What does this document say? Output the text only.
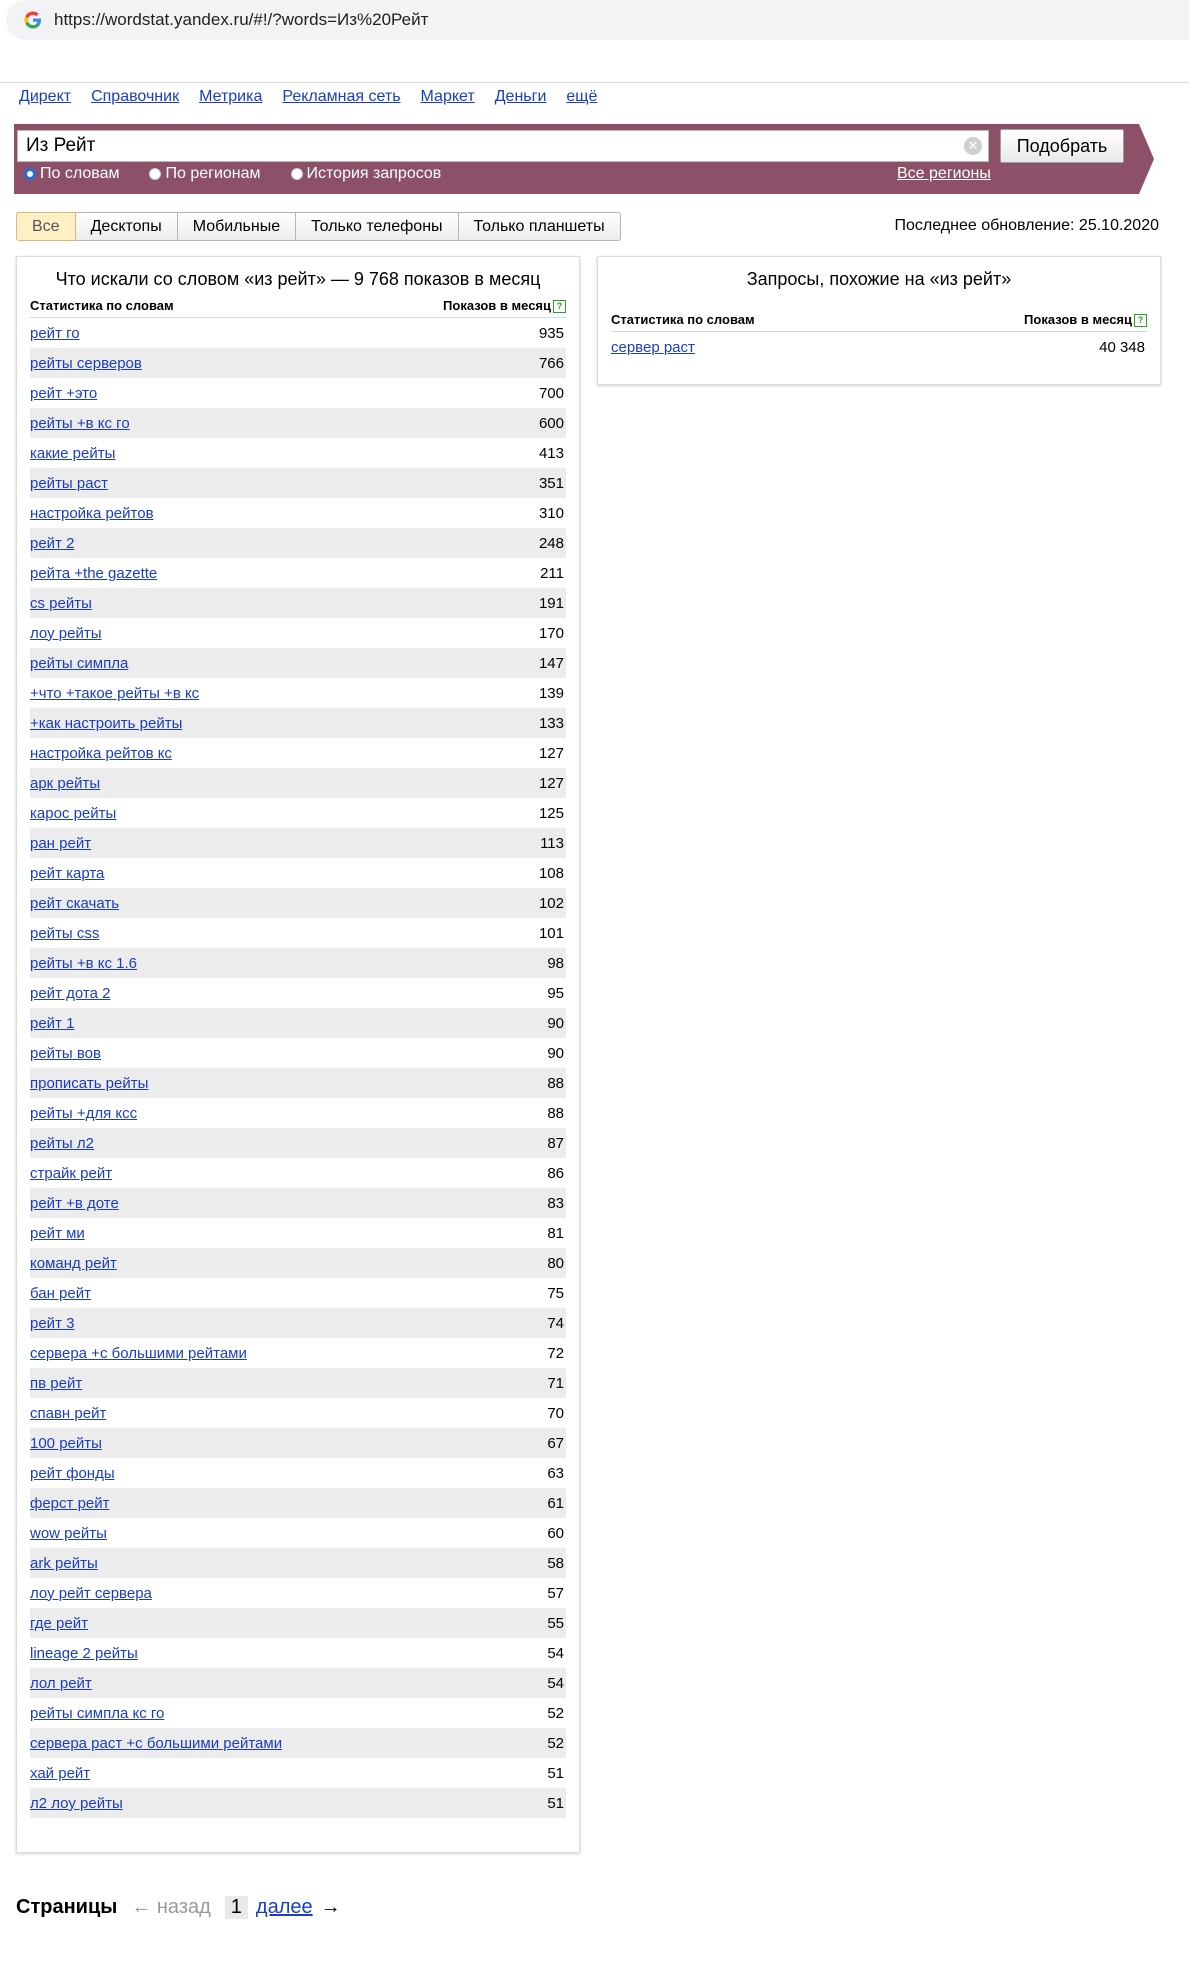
https://wordstat.yandex.ru/#!/?words=Из%20Рейт
Директ Справочник Метрика Рекламная сеть Маркет Деньги ещё
Из Рейт
✕	Подобрать
По словам	По регионам	История запросов	Все регионы
Все	Десктопы	Мобильные	Только телефоны	Только планшеты	Последнее обновление: 25.10.2020
Что искали со словом «из рейт» — 9 768 показов в месяц
Статистика по словам	Показов в месяц ?
рейт го	935
рейты серверов	766
рейт +это	700
рейты +в кс го	600
какие рейты	413
рейты раст	351
настройка рейтов	310
рейт 2	248
рейта +the gazette	211
cs рейты	191
лоу рейты	170
рейты симпла	147
+что +такое рейты +в кс	139
+как настроить рейты	133
настройка рейтов кс	127
арк рейты	127
карос рейты	125
ран рейт	113
рейт карта	108
рейт скачать	102
рейты css	101
рейты +в кс 1.6	98
рейт дота 2	95
рейт 1	90
рейты вов	90
прописать рейты	88
рейты +для ксс	88
рейты л2	87
страйк рейт	86
рейт +в доте	83
рейт ми	81
команд рейт	80
бан рейт	75
рейт 3	74
сервера +с большими рейтами	72
пв рейт	71
спавн рейт	70
100 рейты	67
рейт фонды	63
ферст рейт	61
wow рейты	60
ark рейты	58
лоу рейт сервера	57
где рейт	55
lineage 2 рейты	54
лол рейт	54
рейты симпла кс го	52
сервера раст +с большими рейтами	52
хай рейт	51
л2 лоу рейты	51
Запросы, похожие на «из рейт»
Статистика по словам	Показов в месяц ?
сервер раст	40 348
Страницы ← назад	1 далее →
